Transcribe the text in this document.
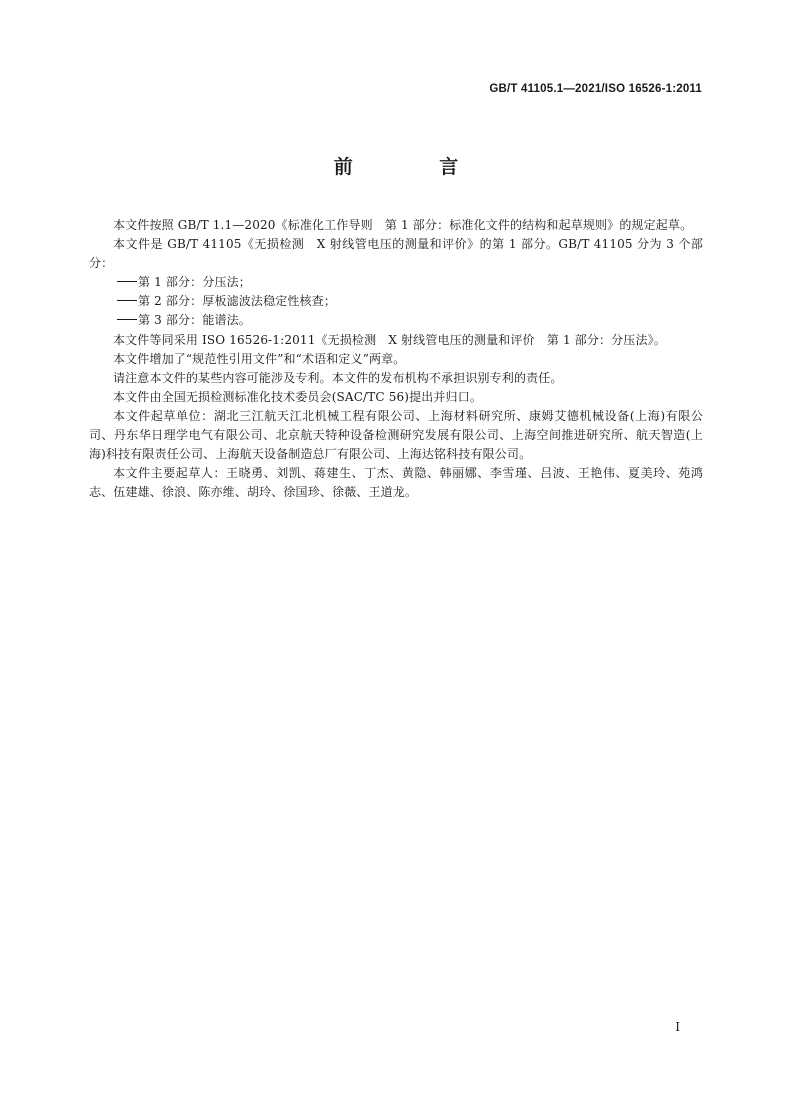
GB/T 41105.1—2021/ISO 16526-1:2011
前 言

本文件按照 GB/T 1.1—2020《标准化工作导则　第 1 部分：标准化文件的结构和起草规则》的规定起草。

本文件是 GB/T 41105《无损检测　X 射线管电压的测量和评价》的第 1 部分。GB/T 41105 分为 3 个部分：

第 1 部分：分压法；

第 2 部分：厚板滤波法稳定性核查；

第 3 部分：能谱法。

本文件等同采用 ISO 16526-1:2011《无损检测　X 射线管电压的测量和评价　第 1 部分：分压法》。

本文件增加了“规范性引用文件”和“术语和定义”两章。

请注意本文件的某些内容可能涉及专利。本文件的发布机构不承担识别专利的责任。

本文件由全国无损检测标准化技术委员会(SAC/TC 56)提出并归口。

本文件起草单位：湖北三江航天江北机械工程有限公司、上海材料研究所、康姆艾德机械设备(上海)有限公司、丹东华日理学电气有限公司、北京航天特种设备检测研究发展有限公司、上海空间推进研究所、航天智造(上海)科技有限责任公司、上海航天设备制造总厂有限公司、上海达铭科技有限公司。

本文件主要起草人：王晓勇、刘凯、蒋建生、丁杰、黄隐、韩丽娜、李雪瑾、吕波、王艳伟、夏美玲、苑鸿志、伍建雄、徐浪、陈亦维、胡玲、徐国珍、徐薇、王道龙。

I
